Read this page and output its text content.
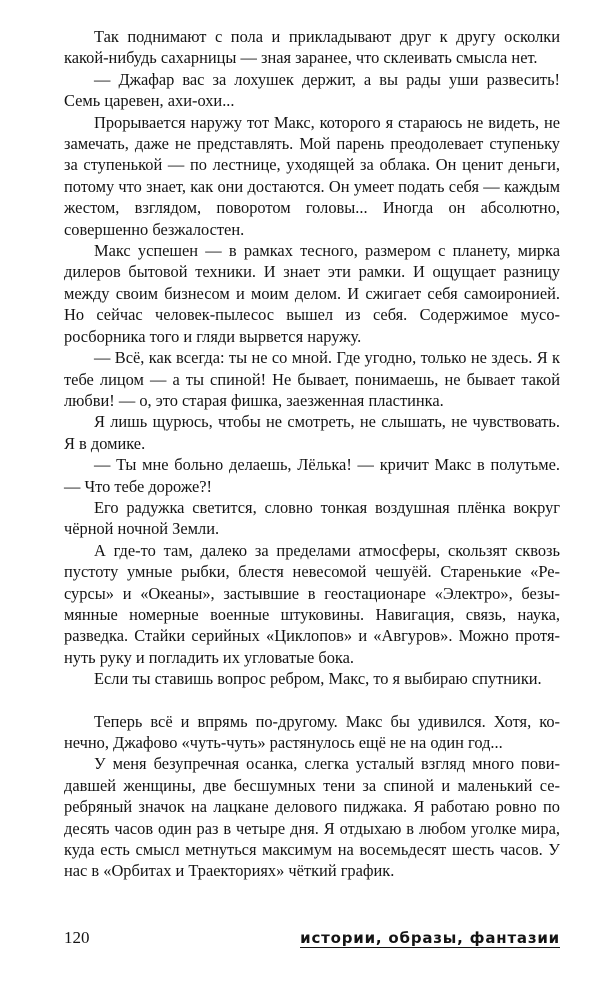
Так поднимают с пола и прикладывают друг к другу осколки какой-нибудь сахарницы — зная заранее, что склеивать смысла нет.

— Джафар вас за лохушек держит, а вы рады уши развесить! Семь царевен, ахи-охи...

Прорывается наружу тот Макс, которого я стараюсь не видеть, не замечать, даже не представлять. Мой парень преодолевает ступеньку за ступенькой — по лестнице, уходящей за облака. Он ценит деньги, потому что знает, как они достаются. Он умеет подать себя — каждым жестом, взглядом, поворотом головы... Иногда он абсолютно, совершенно безжалостен.

Макс успешен — в рамках тесного, размером с планету, мирка дилеров бытовой техники. И знает эти рамки. И ощущает разницу между своим бизнесом и моим делом. И сжигает себя самоиронией. Но сейчас человек-пылесос вышел из себя. Содержимое мусоросборника того и гляди вырвется наружу.

— Всё, как всегда: ты не со мной. Где угодно, только не здесь. Я к тебе лицом — а ты спиной! Не бывает, понимаешь, не бывает такой любви! — о, это старая фишка, заезженная пластинка.

Я лишь щурюсь, чтобы не смотреть, не слышать, не чувствовать. Я в домике.

— Ты мне больно делаешь, Лёлька! — кричит Макс в полутьме. — Что тебе дороже?!

Его радужка светится, словно тонкая воздушная плёнка вокруг чёрной ночной Земли.

А где-то там, далеко за пределами атмосферы, скользят сквозь пустоту умные рыбки, блестя невесомой чешуёй. Старенькие «Ресурсы» и «Океаны», застывшие в геостационаре «Электро», безымянные номерные военные штуковины. Навигация, связь, наука, разведка. Стайки серийных «Циклопов» и «Авгуров». Можно протянуть руку и погладить их угловатые бока.

Если ты ставишь вопрос ребром, Макс, то я выбираю спутники.

Теперь всё и впрямь по-другому. Макс бы удивился. Хотя, конечно, Джафово «чуть-чуть» растянулось ещё не на один год...

У меня безупречная осанка, слегка усталый взгляд много повидавшей женщины, две бесшумных тени за спиной и маленький серебряный значок на лацкане делового пиджака. Я работаю ровно по десять часов один раз в четыре дня. Я отдыхаю в любом уголке мира, куда есть смысл метнуться максимум на восемьдесят шесть часов. У нас в «Орбитах и Траекториях» чёткий график.

120	истории, образы, фантазии
